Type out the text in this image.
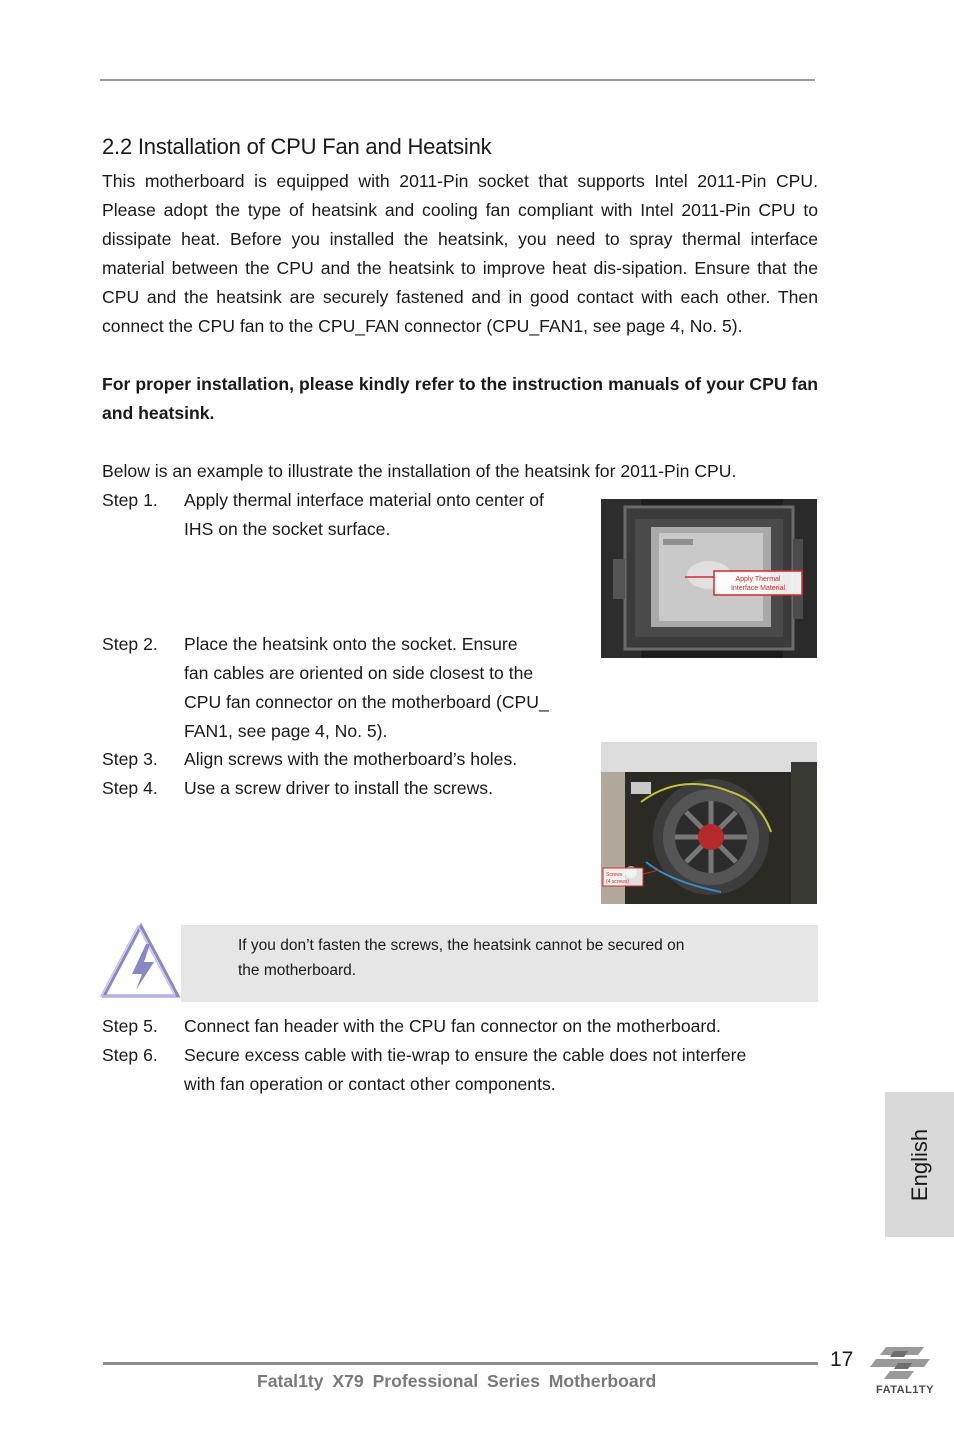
2.2 Installation of CPU Fan and Heatsink

This motherboard is equipped with 2011-Pin socket that supports Intel 2011-Pin CPU. Please adopt the type of heatsink and cooling fan compliant with Intel 2011-Pin CPU to dissipate heat. Before you installed the heatsink, you need to spray thermal interface material between the CPU and the heatsink to improve heat dis-sipation. Ensure that the CPU and the heatsink are securely fastened and in good contact with each other. Then connect the CPU fan to the CPU_FAN connector (CPU_FAN1, see page 4, No. 5).

For proper installation, please kindly refer to the instruction manuals of your CPU fan and heatsink.

Below is an example to illustrate the installation of the heatsink for 2011-Pin CPU.

Step 1.	Apply thermal interface material onto center of
IHS on the socket surface.
Step 2.	Place the heatsink onto the socket. Ensure
fan cables are oriented on side closest to the
CPU fan connector on the motherboard (CPU_
FAN1, see page 4, No. 5).
Step 3.	Align screws with the motherboard’s holes.
Step 4.	Use a screw driver to install the screws.
Apply Thermal
Interface Material
Screws
(4 screws)
If you don’t fasten the screws, the heatsink cannot be secured on
the motherboard.
Step 5.	Connect fan header with the CPU fan connector on the motherboard.
Step 6.	Secure excess cable with tie-wrap to ensure the cable does not interfere
with fan operation or contact other components.
English
17
Fatal1ty X79 Professional Series Motherboard	FATAL1TY
